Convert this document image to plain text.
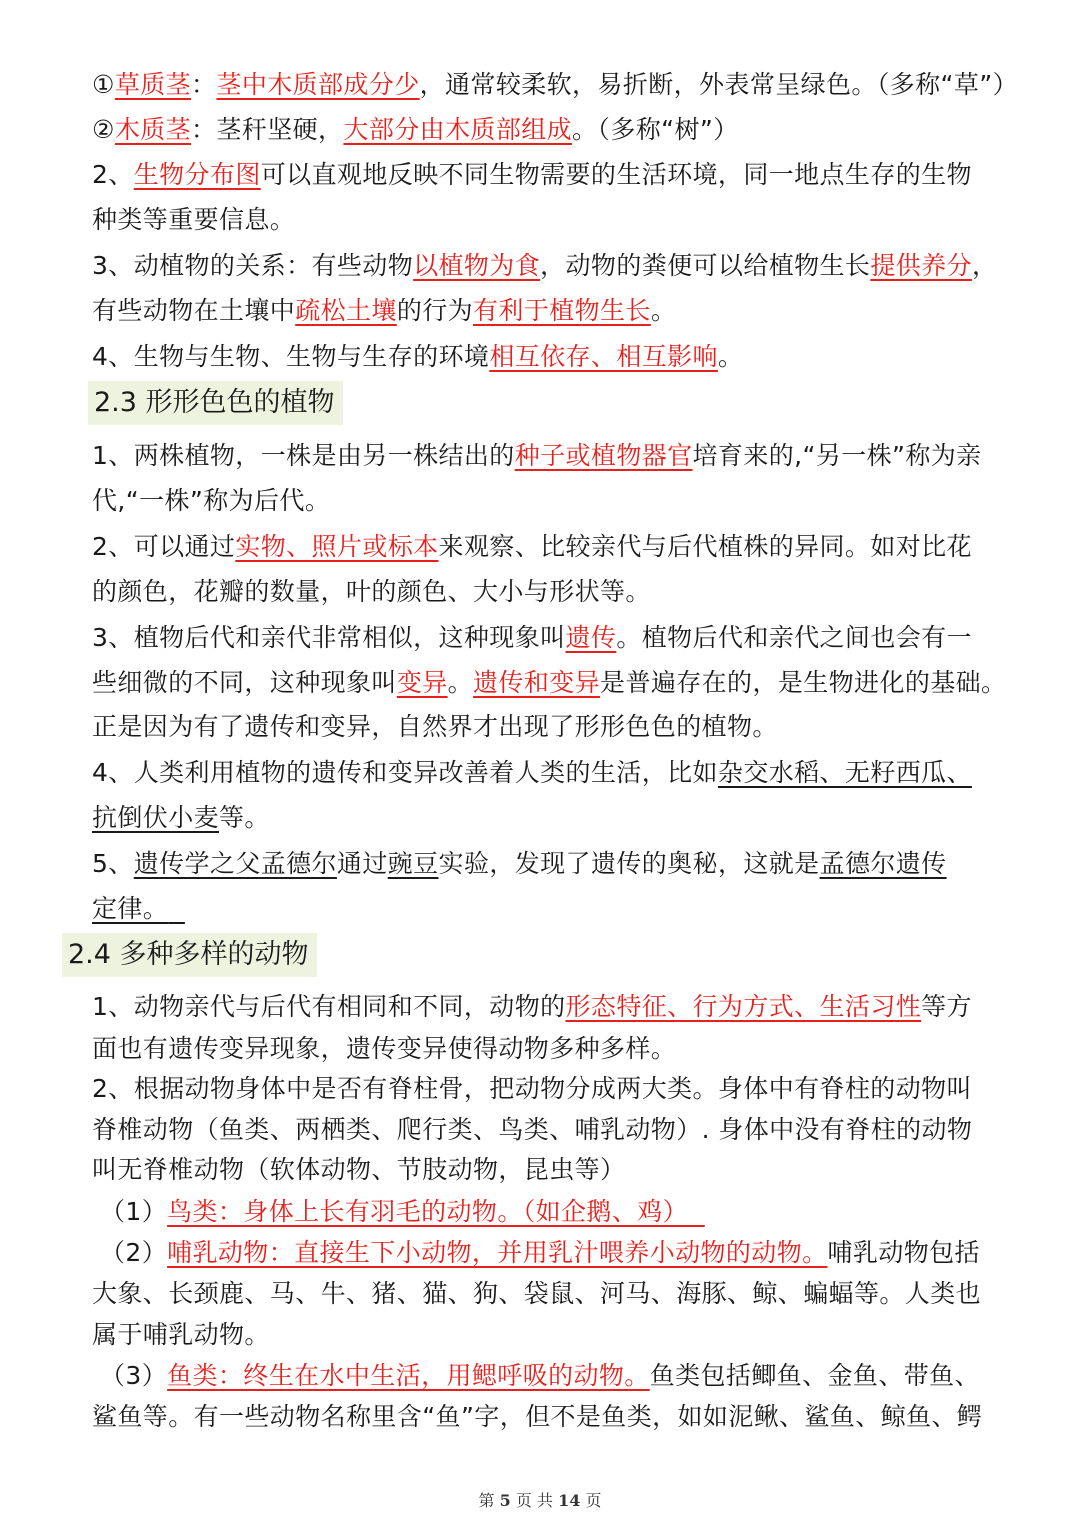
①草质茎：茎中木质部成分少，通常较柔软，易折断，外表常呈绿色。（多称“草”）
②木质茎：茎秆坚硬，大部分由木质部组成。（多称“树”）
2、生物分布图可以直观地反映不同生物需要的生活环境，同一地点生存的生物
种类等重要信息。
3、动植物的关系：有些动物以植物为食，动物的粪便可以给植物生长提供养分，
有些动物在土壤中疏松土壤的行为有利于植物生长。
4、生物与生物、生物与生存的环境相互依存、相互影响。
2.3 形形色色的植物
1、两株植物，一株是由另一株结出的种子或植物器官培育来的,“另一株”称为亲
代,“一株”称为后代。
2、可以通过实物、照片或标本来观察、比较亲代与后代植株的异同。如对比花
的颜色，花瓣的数量，叶的颜色、大小与形状等。
3、植物后代和亲代非常相似，这种现象叫遗传。植物后代和亲代之间也会有一
些细微的不同，这种现象叫变异。遗传和变异是普遍存在的，是生物进化的基础。
正是因为有了遗传和变异，自然界才出现了形形色色的植物。
4、人类利用植物的遗传和变异改善着人类的生活，比如杂交水稻、无籽西瓜、
抗倒伏小麦等。
5、遗传学之父孟德尔通过豌豆实验，发现了遗传的奥秘，这就是孟德尔遗传
定律。
2.4 多种多样的动物
1、动物亲代与后代有相同和不同，动物的形态特征、行为方式、生活习性等方
面也有遗传变异现象，遗传变异使得动物多种多样。
2、根据动物身体中是否有脊柱骨，把动物分成两大类。身体中有脊柱的动物叫
脊椎动物（鱼类、两栖类、爬行类、鸟类、哺乳动物）. 身体中没有脊柱的动物
叫无脊椎动物（软体动物、节肢动物，昆虫等）
（1）鸟类：身体上长有羽毛的动物。（如企鹅、鸡）
（2）哺乳动物：直接生下小动物，并用乳汁喂养小动物的动物。哺乳动物包括
大象、长颈鹿、马、牛、猪、猫、狗、袋鼠、河马、海豚、鲸、蝙蝠等。人类也
属于哺乳动物。
（3）鱼类：终生在水中生活，用鳃呼吸的动物。鱼类包括鲫鱼、金鱼、带鱼、
鲨鱼等。有一些动物名称里含“鱼”字，但不是鱼类，如如泥鳅、鲨鱼、鲸鱼、鳄
第 5 页 共 14 页
